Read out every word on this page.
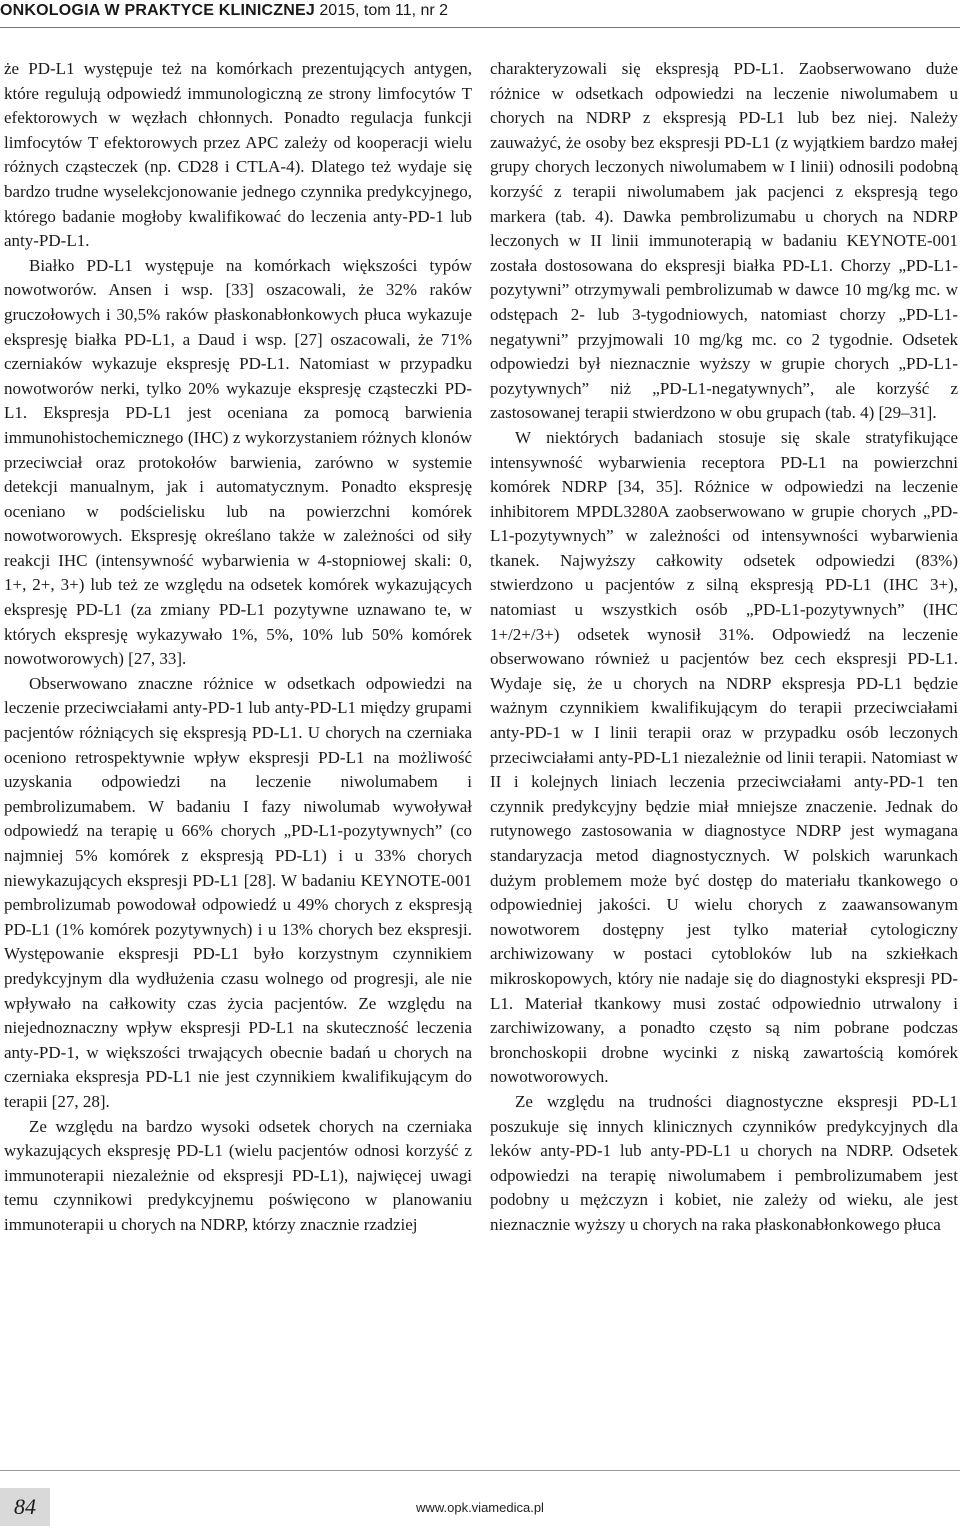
ONKOLOGIA W PRAKTYCE KLINICZNEJ 2015, tom 11, nr 2

że PD-L1 występuje też na komórkach prezentujących antygen, które regulują odpowiedź immunologiczną ze strony limfocytów T efektorowych w węzłach chłonnych. Ponadto regulacja funkcji limfocytów T efektorowych przez APC zależy od kooperacji wielu różnych cząsteczek (np. CD28 i CTLA-4). Dlatego też wydaje się bardzo trudne wyselekcjonowanie jednego czynnika predykcyjnego, którego badanie mogłoby kwalifikować do leczenia anty-PD-1 lub anty-PD-L1.

Białko PD-L1 występuje na komórkach większości typów nowotworów. Ansen i wsp. [33] oszacowali, że 32% raków gruczołowych i 30,5% raków płaskonabłonkowych płuca wykazuje ekspresję białka PD-L1, a Daud i wsp. [27] oszacowali, że 71% czerniaków wykazuje ekspresję PD-L1. Natomiast w przypadku nowotworów nerki, tylko 20% wykazuje ekspresję cząsteczki PD-L1. Ekspresja PD-L1 jest oceniana za pomocą barwienia immunohistochemicznego (IHC) z wykorzystaniem różnych klonów przeciwciał oraz protokołów barwienia, zarówno w systemie detekcji manualnym, jak i automatycznym. Ponadto ekspresję oceniano w podścielisku lub na powierzchni komórek nowotworowych. Ekspresję określano także w zależności od siły reakcji IHC (intensywność wybarwienia w 4-stopniowej skali: 0, 1+, 2+, 3+) lub też ze względu na odsetek komórek wykazujących ekspresję PD-L1 (za zmiany PD-L1 pozytywne uznawano te, w których ekspresję wykazywało 1%, 5%, 10% lub 50% komórek nowotworowych) [27, 33].

Obserwowano znaczne różnice w odsetkach odpowiedzi na leczenie przeciwciałami anty-PD-1 lub anty-PD-L1 między grupami pacjentów różniących się ekspresją PD-L1. U chorych na czerniaka oceniono retrospektywnie wpływ ekspresji PD-L1 na możliwość uzyskania odpowiedzi na leczenie niwolumabem i pembrolizumabem. W badaniu I fazy niwolumab wywoływał odpowiedź na terapię u 66% chorych „PD-L1-pozytywnych” (co najmniej 5% komórek z ekspresją PD-L1) i u 33% chorych niewykazujących ekspresji PD-L1 [28]. W badaniu KEYNOTE-001 pembrolizumab powodował odpowiedź u 49% chorych z ekspresją PD-L1 (1% komórek pozytywnych) i u 13% chorych bez ekspresji. Występowanie ekspresji PD-L1 było korzystnym czynnikiem predykcyjnym dla wydłużenia czasu wolnego od progresji, ale nie wpływało na całkowity czas życia pacjentów. Ze względu na niejednoznaczny wpływ ekspresji PD-L1 na skuteczność leczenia anty-PD-1, w większości trwających obecnie badań u chorych na czerniaka ekspresja PD-L1 nie jest czynnikiem kwalifikującym do terapii [27, 28].

Ze względu na bardzo wysoki odsetek chorych na czerniaka wykazujących ekspresję PD-L1 (wielu pacjentów odnosi korzyść z immunoterapii niezależnie od ekspresji PD-L1), najwięcej uwagi temu czynnikowi predykcyjnemu poświęcono w planowaniu immunoterapii u chorych na NDRP, którzy znacznie rzadziej

charakteryzowali się ekspresją PD-L1. Zaobserwowano duże różnice w odsetkach odpowiedzi na leczenie niwolumabem u chorych na NDRP z ekspresją PD-L1 lub bez niej. Należy zauważyć, że osoby bez ekspresji PD-L1 (z wyjątkiem bardzo małej grupy chorych leczonych niwolumabem w I linii) odnosili podobną korzyść z terapii niwolumabem jak pacjenci z ekspresją tego markera (tab. 4). Dawka pembrolizumabu u chorych na NDRP leczonych w II linii immunoterapią w badaniu KEYNOTE-001 została dostosowana do ekspresji białka PD-L1. Chorzy „PD-L1-pozytywni” otrzymywali pembrolizumab w dawce 10 mg/kg mc. w odstępach 2- lub 3-tygodniowych, natomiast chorzy „PD-L1-negatywni” przyjmowali 10 mg/kg mc. co 2 tygodnie. Odsetek odpowiedzi był nieznacznie wyższy w grupie chorych „PD-L1-pozytywnych” niż „PD-L1-negatywnych”, ale korzyść z zastosowanej terapii stwierdzono w obu grupach (tab. 4) [29–31].

W niektórych badaniach stosuje się skale stratyfikujące intensywność wybarwienia receptora PD-L1 na powierzchni komórek NDRP [34, 35]. Różnice w odpowiedzi na leczenie inhibitorem MPDL3280A zaobserwowano w grupie chorych „PD-L1-pozytywnych” w zależności od intensywności wybarwienia tkanek. Najwyższy całkowity odsetek odpowiedzi (83%) stwierdzono u pacjentów z silną ekspresją PD-L1 (IHC 3+), natomiast u wszystkich osób „PD-L1-pozytywnych” (IHC 1+/2+/3+) odsetek wynosił 31%. Odpowiedź na leczenie obserwowano również u pacjentów bez cech ekspresji PD-L1. Wydaje się, że u chorych na NDRP ekspresja PD-L1 będzie ważnym czynnikiem kwalifikującym do terapii przeciwciałami anty-PD-1 w I linii terapii oraz w przypadku osób leczonych przeciwciałami anty-PD-L1 niezależnie od linii terapii. Natomiast w II i kolejnych liniach leczenia przeciwciałami anty-PD-1 ten czynnik predykcyjny będzie miał mniejsze znaczenie. Jednak do rutynowego zastosowania w diagnostyce NDRP jest wymagana standaryzacja metod diagnostycznych. W polskich warunkach dużym problemem może być dostęp do materiału tkankowego o odpowiedniej jakości. U wielu chorych z zaawansowanym nowotworem dostępny jest tylko materiał cytologiczny archiwizowany w postaci cytobloków lub na szkiełkach mikroskopowych, który nie nadaje się do diagnostyki ekspresji PD-L1. Materiał tkankowy musi zostać odpowiednio utrwalony i zarchiwizowany, a ponadto często są nim pobrane podczas bronchoskopii drobne wycinki z niską zawartością komórek nowotworowych.

Ze względu na trudności diagnostyczne ekspresji PD-L1 poszukuje się innych klinicznych czynników predykcyjnych dla leków anty-PD-1 lub anty-PD-L1 u chorych na NDRP. Odsetek odpowiedzi na terapię niwolumabem i pembrolizumabem jest podobny u mężczyzn i kobiet, nie zależy od wieku, ale jest nieznacznie wyższy u chorych na raka płaskonabłonkowego płuca

84	www.opk.viamedica.pl
